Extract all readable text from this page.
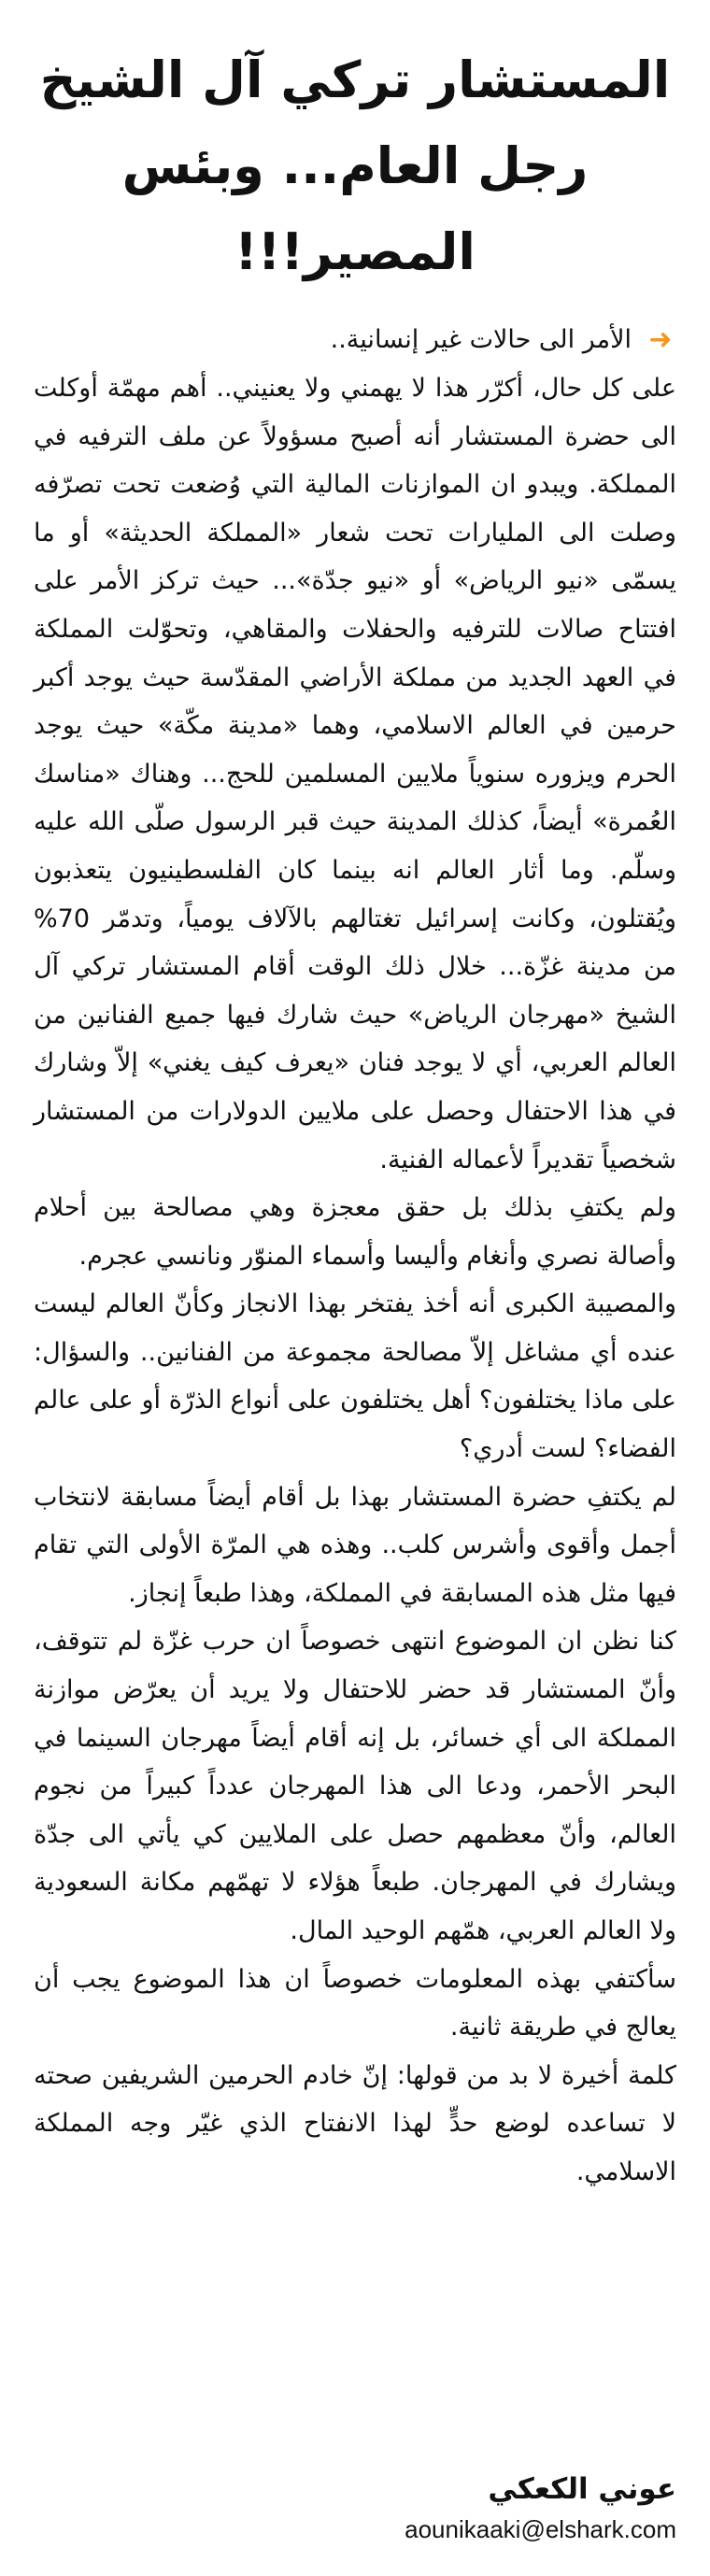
المستشار تركي آل الشيخ
رجل العام... وبئس المصير!!!
➜
الأمر الى حالات غير إنسانية..

على كل حال، أكرّر هذا لا يهمني ولا يعنيني.. أهم مهمّة أوكلت الى حضرة المستشار أنه أصبح مسؤولاً عن ملف الترفيه في المملكة. ويبدو ان الموازنات المالية التي وُضعت تحت تصرّفه وصلت الى المليارات تحت شعار «المملكة الحديثة» أو ما يسمّى «نيو الرياض» أو «نيو جدّة»... حيث تركز الأمر على افتتاح صالات للترفيه والحفلات والمقاهي، وتحوّلت المملكة في العهد الجديد من مملكة الأراضي المقدّسة حيث يوجد أكبر حرمين في العالم الاسلامي، وهما «مدينة مكّة» حيث يوجد الحرم ويزوره سنوياً ملايين المسلمين للحج... وهناك «مناسك العُمرة» أيضاً، كذلك المدينة حيث قبر الرسول صلّى الله عليه وسلّم. وما أثار العالم انه بينما كان الفلسطينيون يتعذبون ويُقتلون، وكانت إسرائيل تغتالهم بالآلاف يومياً، وتدمّر 70% من مدينة غزّة... خلال ذلك الوقت أقام المستشار تركي آل الشيخ «مهرجان الرياض» حيث شارك فيها جميع الفنانين من العالم العربي، أي لا يوجد فنان «يعرف كيف يغني» إلاّ وشارك في هذا الاحتفال وحصل على ملايين الدولارات من المستشار شخصياً تقديراً لأعماله الفنية.

ولم يكتفِ بذلك بل حقق معجزة وهي مصالحة بين أحلام وأصالة نصري وأنغام وأليسا وأسماء المنوّر ونانسي عجرم.

والمصيبة الكبرى أنه أخذ يفتخر بهذا الانجاز وكأنّ العالم ليست عنده أي مشاغل إلاّ مصالحة مجموعة من الفنانين.. والسؤال: على ماذا يختلفون؟ أهل يختلفون على أنواع الذرّة أو على عالم الفضاء؟ لست أدري؟

لم يكتفِ حضرة المستشار بهذا بل أقام أيضاً مسابقة لانتخاب أجمل وأقوى وأشرس كلب.. وهذه هي المرّة الأولى التي تقام فيها مثل هذه المسابقة في المملكة، وهذا طبعاً إنجاز.

كنا نظن ان الموضوع انتهى خصوصاً ان حرب غزّة لم تتوقف، وأنّ المستشار قد حضر للاحتفال ولا يريد أن يعرّض موازنة المملكة الى أي خسائر، بل إنه أقام أيضاً مهرجان السينما في البحر الأحمر، ودعا الى هذا المهرجان عدداً كبيراً من نجوم العالم، وأنّ معظمهم حصل على الملايين كي يأتي الى جدّة ويشارك في المهرجان. طبعاً هؤلاء لا تهمّهم مكانة السعودية ولا العالم العربي، همّهم الوحيد المال.

سأكتفي بهذه المعلومات خصوصاً ان هذا الموضوع يجب أن يعالج في طريقة ثانية.

كلمة أخيرة لا بد من قولها: إنّ خادم الحرمين الشريفين صحته لا تساعده لوضع حدٍّ لهذا الانفتاح الذي غيّر وجه المملكة الاسلامي.

عوني الكعكي
aounikaaki@elshark.com
